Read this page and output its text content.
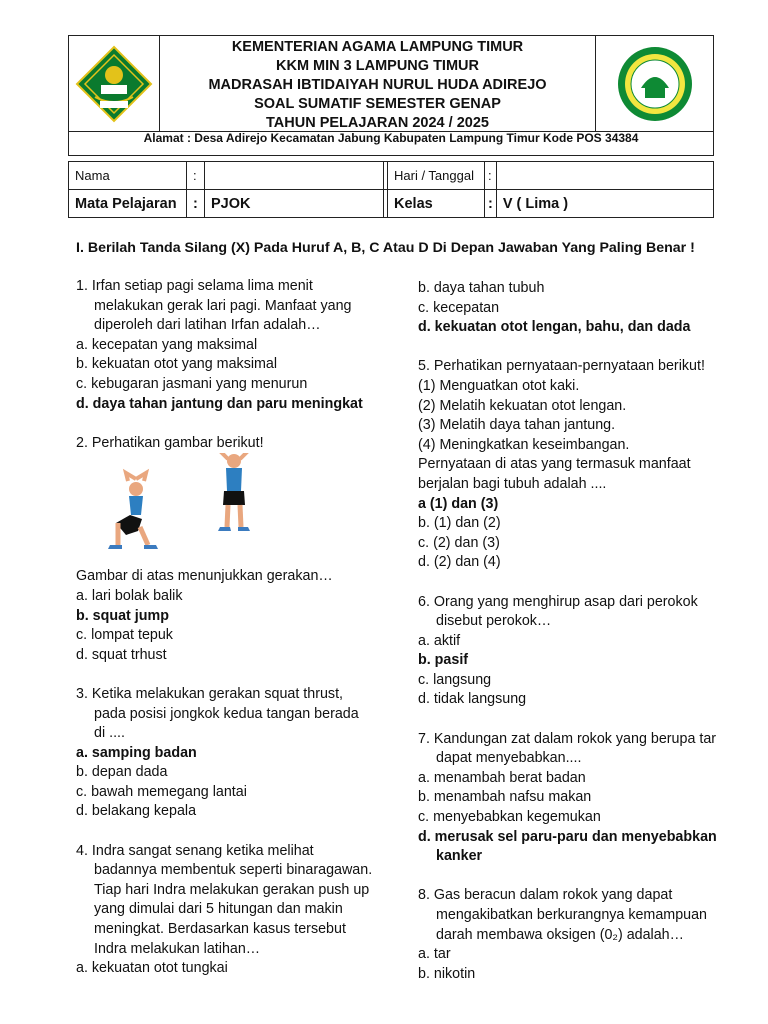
KEMENTERIAN AGAMA LAMPUNG TIMUR
KKM MIN 3 LAMPUNG TIMUR
MADRASAH IBTIDAIYAH NURUL HUDA ADIREJO
SOAL SUMATIF SEMESTER GENAP
TAHUN PELAJARAN 2024 / 2025
Alamat : Desa Adirejo Kecamatan Jabung Kabupaten Lampung Timur Kode POS 34384
Nama	:			Hari / Tanggal	:	
Mata Pelajaran	:	PJOK		Kelas	:	V ( Lima )
I. Berilah Tanda Silang (X) Pada Huruf A, B, C Atau D Di Depan Jawaban Yang Paling Benar !
1. Irfan setiap pagi selama lima menit
melakukan gerak lari pagi. Manfaat yang
diperoleh dari latihan Irfan adalah…
a. kecepatan yang maksimal
b. kekuatan otot yang maksimal
c. kebugaran jasmani yang menurun
d. daya tahan jantung dan paru meningkat
2. Perhatikan gambar berikut!
Gambar di atas menunjukkan gerakan…
a. lari bolak balik
b. squat jump
c. lompat tepuk
d. squat trhust
3. Ketika melakukan gerakan squat thrust,
pada posisi jongkok kedua tangan berada
di ....
a. samping badan
b. depan dada
c. bawah memegang lantai
d. belakang kepala
4. Indra sangat senang ketika melihat
badannya membentuk seperti binaragawan.
Tiap hari Indra melakukan gerakan push up
yang dimulai dari 5 hitungan dan makin
meningkat. Berdasarkan kasus tersebut
Indra melakukan latihan…
a. kekuatan otot tungkai
b. daya tahan tubuh
c. kecepatan
d. kekuatan otot lengan, bahu, dan dada
5. Perhatikan pernyataan-pernyataan berikut!
(1) Menguatkan otot kaki.
(2) Melatih kekuatan otot lengan.
(3) Melatih daya tahan jantung.
(4) Meningkatkan keseimbangan.
Pernyataan di atas yang termasuk manfaat
berjalan bagi tubuh adalah ....
a (1) dan (3)
b. (1) dan (2)
c. (2) dan (3)
d. (2) dan (4)
6. Orang yang menghirup asap dari perokok
disebut perokok…
a. aktif
b. pasif
c. langsung
d. tidak langsung
7. Kandungan zat dalam rokok yang berupa tar
dapat menyebabkan....
a. menambah berat badan
b. menambah nafsu makan
c. menyebabkan kegemukan
d. merusak sel paru-paru dan menyebabkan
kanker
8. Gas beracun dalam rokok yang dapat
mengakibatkan berkurangnya kemampuan
darah membawa oksigen (0₂) adalah…
a. tar
b. nikotin
